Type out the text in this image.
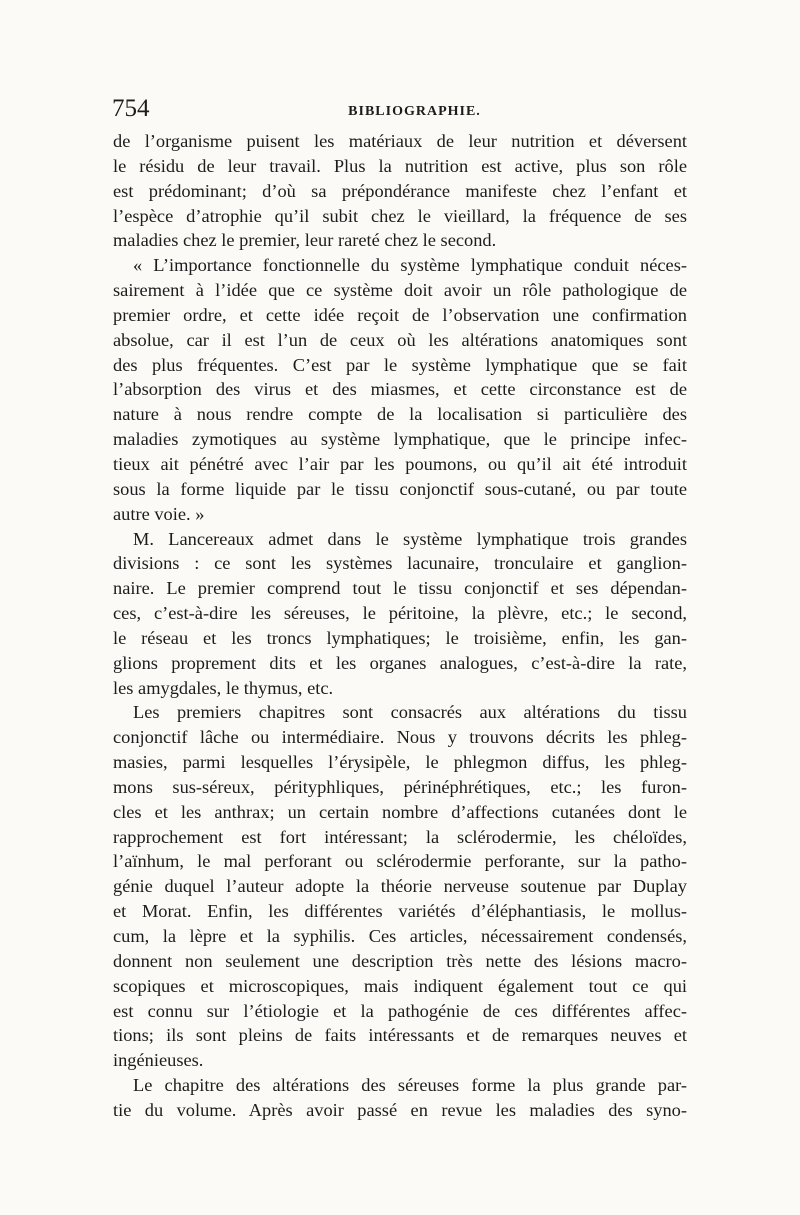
754	BIBLIOGRAPHIE.
de l’organisme puisent les matériaux de leur nutrition et déversent
le résidu de leur travail. Plus la nutrition est active, plus son rôle
est prédominant; d’où sa prépondérance manifeste chez l’enfant et
l’espèce d’atrophie qu’il subit chez le vieillard, la fréquence de ses
maladies chez le premier, leur rareté chez le second.
« L’importance fonctionnelle du système lymphatique conduit néces-
sairement à l’idée que ce système doit avoir un rôle pathologique de
premier ordre, et cette idée reçoit de l’observation une confirmation
absolue, car il est l’un de ceux où les altérations anatomiques sont
des plus fréquentes. C’est par le système lymphatique que se fait
l’absorption des virus et des miasmes, et cette circonstance est de
nature à nous rendre compte de la localisation si particulière des
maladies zymotiques au système lymphatique, que le principe infec-
tieux ait pénétré avec l’air par les poumons, ou qu’il ait été introduit
sous la forme liquide par le tissu conjonctif sous-cutané, ou par toute
autre voie. »
M. Lancereaux admet dans le système lymphatique trois grandes
divisions : ce sont les systèmes lacunaire, tronculaire et ganglion-
naire. Le premier comprend tout le tissu conjonctif et ses dépendan-
ces, c’est-à-dire les séreuses, le péritoine, la plèvre, etc.; le second,
le réseau et les troncs lymphatiques; le troisième, enfin, les gan-
glions proprement dits et les organes analogues, c’est-à-dire la rate,
les amygdales, le thymus, etc.
Les premiers chapitres sont consacrés aux altérations du tissu
conjonctif lâche ou intermédiaire. Nous y trouvons décrits les phleg-
masies, parmi lesquelles l’érysipèle, le phlegmon diffus, les phleg-
mons sus-séreux, pérityphliques, périnéphrétiques, etc.; les furon-
cles et les anthrax; un certain nombre d’affections cutanées dont le
rapprochement est fort intéressant; la sclérodermie, les chéloïdes,
l’aïnhum, le mal perforant ou sclérodermie perforante, sur la patho-
génie duquel l’auteur adopte la théorie nerveuse soutenue par Duplay
et Morat. Enfin, les différentes variétés d’éléphantiasis, le mollus-
cum, la lèpre et la syphilis. Ces articles, nécessairement condensés,
donnent non seulement une description très nette des lésions macro-
scopiques et microscopiques, mais indiquent également tout ce qui
est connu sur l’étiologie et la pathogénie de ces différentes affec-
tions; ils sont pleins de faits intéressants et de remarques neuves et
ingénieuses.
Le chapitre des altérations des séreuses forme la plus grande par-
tie du volume. Après avoir passé en revue les maladies des syno-
